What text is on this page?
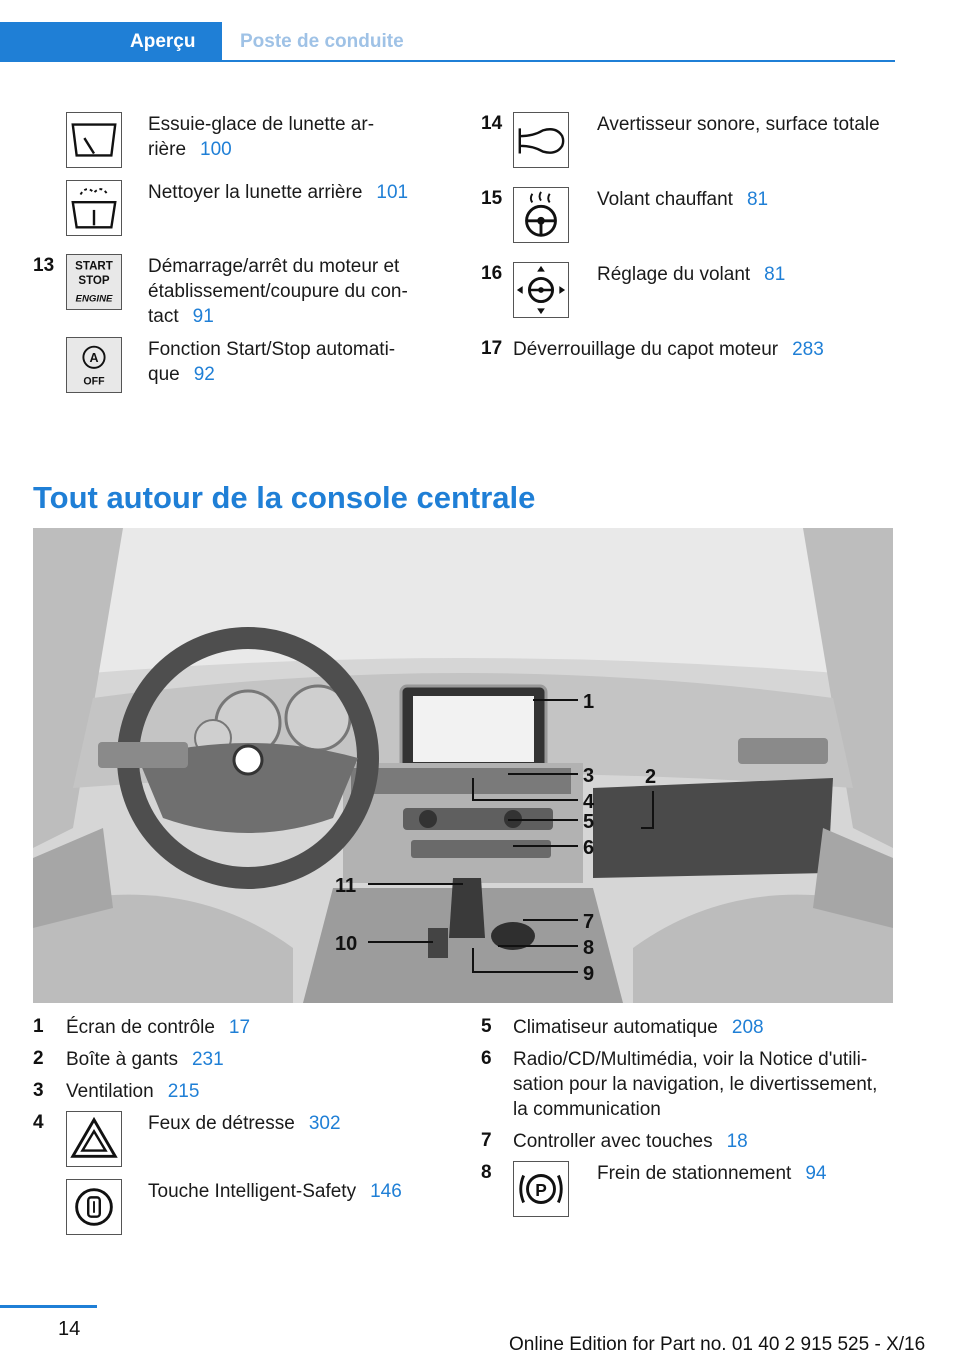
Aperçu Poste de conduite
Essuie-glace de lunette ar-
rière 100
Nettoyer la lunette arrière 101
13 START
STOP
ENGINE
Démarrage/arrêt du moteur et
établissement/coupure du con-
tact 91
A
OFF
Fonction Start/Stop automati-
que 92
14	Avertisseur sonore, surface totale
15	Volant chauffant 81
16	Réglage du volant 81
17 Déverrouillage du capot moteur 283
Tout autour de la console centrale
1
2
3
4
5
6
7
8
9
10
11
1 Écran de contrôle 17
2 Boîte à gants 231
3 Ventilation 215
4	Feux de détresse 302
Touche Intelligent-Safety 146
5 Climatiseur automatique 208
6 Radio/CD/Multimédia, voir la Notice d'utili-
sation pour la navigation, le divertissement,
la communication
7 Controller avec touches 18
8
P
Frein de stationnement 94
14
Online Edition for Part no. 01 40 2 915 525 - X/16
